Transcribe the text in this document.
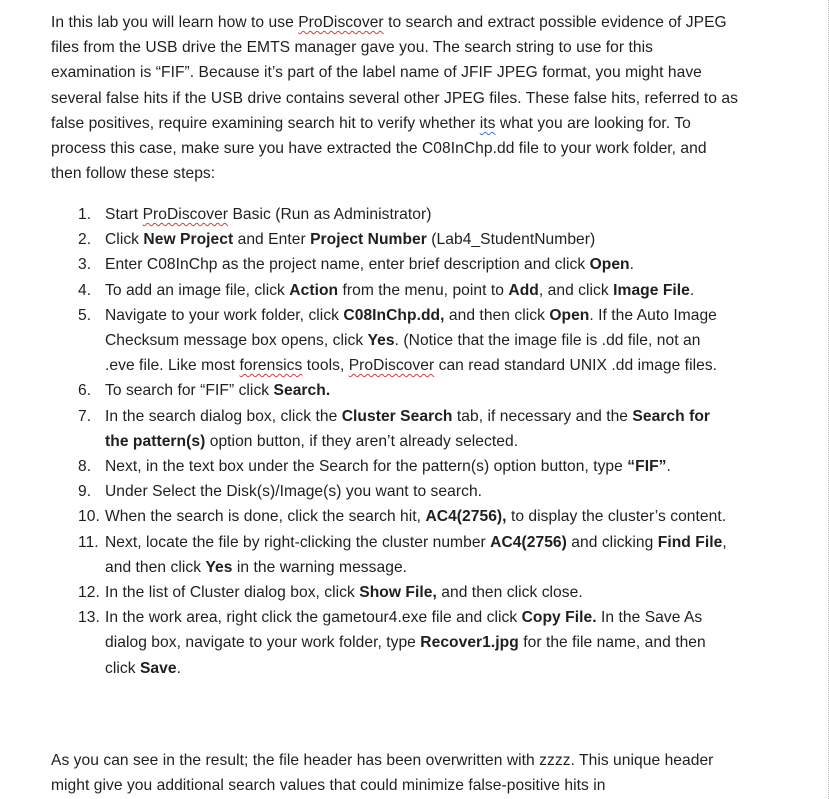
In this lab you will learn how to use ProDiscover to search and extract possible evidence of JPEG files from the USB drive the EMTS manager gave you. The search string to use for this examination is “FIF”. Because it’s part of the label name of JFIF JPEG format, you might have several false hits if the USB drive contains several other JPEG files. These false hits, referred to as false positives, require examining search hit to verify whether its what you are looking for. To process this case, make sure you have extracted the C08InChp.dd file to your work folder, and then follow these steps:

1. Start ProDiscover Basic (Run as Administrator)
2. Click New Project and Enter Project Number (Lab4_StudentNumber)
3. Enter C08InChp as the project name, enter brief description and click Open.
4. To add an image file, click Action from the menu, point to Add, and click Image File.
5. Navigate to your work folder, click C08InChp.dd, and then click Open. If the Auto Image Checksum message box opens, click Yes. (Notice that the image file is .dd file, not an .eve file. Like most forensics tools, ProDiscover can read standard UNIX .dd image files.
6. To search for “FIF” click Search.
7. In the search dialog box, click the Cluster Search tab, if necessary and the Search for the pattern(s) option button, if they aren’t already selected.
8. Next, in the text box under the Search for the pattern(s) option button, type “FIF”.
9. Under Select the Disk(s)/Image(s) you want to search.
10. When the search is done, click the search hit, AC4(2756), to display the cluster’s content.
11. Next, locate the file by right-clicking the cluster number AC4(2756) and clicking Find File, and then click Yes in the warning message.
12. In the list of Cluster dialog box, click Show File, and then click close.
13. In the work area, right click the gametour4.exe file and click Copy File. In the Save As dialog box, navigate to your work folder, type Recover1.jpg for the file name, and then click Save.

As you can see in the result; the file header has been overwritten with zzzz. This unique header might give you additional search values that could minimize false-positive hits in
